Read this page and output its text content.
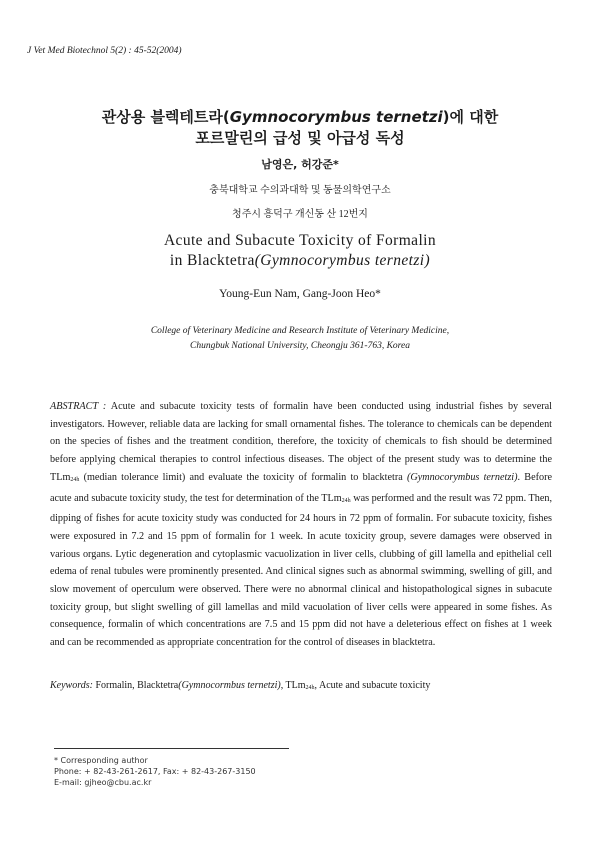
J Vet Med Biotechnol 5(2) : 45-52(2004)
관상용 블렉테트라(Gymnocorymbus ternetzi)에 대한
포르말린의 급성 및 아급성 독성
남영은, 허강준*
충북대학교 수의과대학 및 동물의학연구소
청주시 흥덕구 개신동 산 12번지
Acute and Subacute Toxicity of Formalin
in Blacktetra(Gymnocorymbus ternetzi)
Young-Eun Nam, Gang-Joon Heo*
College of Veterinary Medicine and Research Institute of Veterinary Medicine,
Chungbuk National University, Cheongju 361-763, Korea
ABSTRACT : Acute and subacute toxicity tests of formalin have been conducted using industrial fishes by several investigators. However, reliable data are lacking for small ornamental fishes. The tolerance to chemicals can be dependent on the species of fishes and the treatment condition, therefore, the toxicity of chemicals to fish should be determined before applying chemical therapies to control infectious diseases. The object of the present study was to determine the TLm$_{24h}$ (median tolerance limit) and evaluate the toxicity of formalin to blacktetra (Gymnocorymbus ternetzi). Before acute and subacute toxicity study, the test for determination of the TLm$_{24h}$ was performed and the result was 72 ppm. Then, dipping of fishes for acute toxicity study was conducted for 24 hours in 72 ppm of formalin. For subacute toxicity, fishes were exposured in 7.2 and 15 ppm of formalin for 1 week. In acute toxicity group, severe damages were observed in various organs. Lytic degeneration and cytoplasmic vacuolization in liver cells, clubbing of gill lamella and epithelial cell edema of renal tubules were prominently presented. And clinical signes such as abnormal swimming, swelling of gill, and slow movement of operculum were observed. There were no abnormal clinical and histopathological signes in subacute toxicity group, but slight swelling of gill lamellas and mild vacuolation of liver cells were appeared in some fishes. As consequence, formalin of which concentrations are 7.5 and 15 ppm did not have a deleterious effect on fishes at 1 week and can be recommended as appropriate concentration for the control of diseases in blacktetra.
Keywords: Formalin, Blacktetra(Gymnocormbus ternetzi), TLm$_{24h}$, Acute and subacute toxicity
* Corresponding author
Phone: + 82-43-261-2617, Fax: + 82-43-267-3150
E-mail: gjheo@cbu.ac.kr
